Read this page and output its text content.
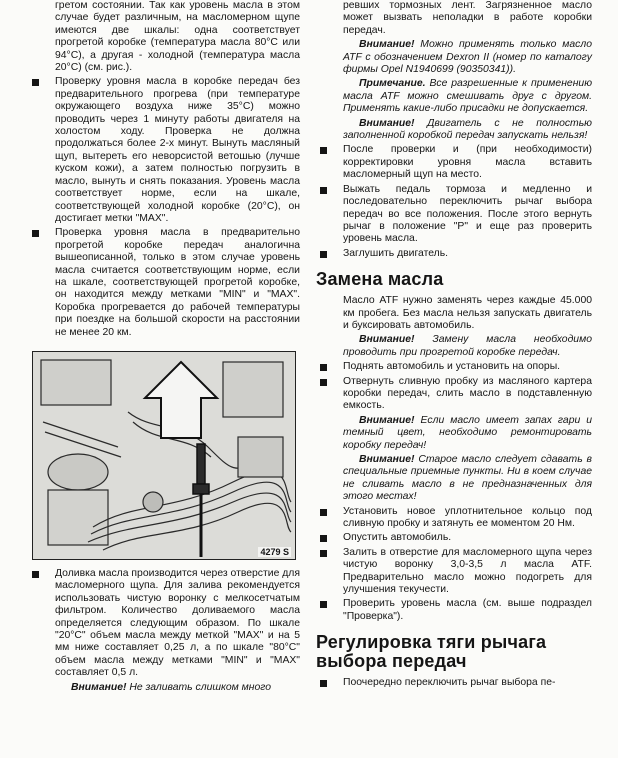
гретом состоянии. Так как уровень масла в этом случае будет различным, на масломерном щупе имеются две шкалы: одна соответствует прогретой коробке (температура масла 80°С или 94°С), а другая - холодной (температура масла 20°С) (см. рис.).

Проверку уровня масла в коробке передач без предварительного прогрева (при температуре окружающего воздуха ниже 35°С) можно проводить через 1 минуту работы двигателя на холостом ходу. Проверка не должна продолжаться более 2-х минут. Вынуть масляный щуп, вытереть его неворсистой ветошью (лучше куском кожи), а затем полностью погрузить в масло, вынуть и снять показания. Уровень масла соответствует норме, если на шкале, соответствующей холодной коробке (20°С), он достигает метки "МАХ".

Проверка уровня масла в предварительно прогретой коробке передач аналогична вышеописанной, только в этом случае уровень масла считается соответствующим норме, если на шкале, соответствующей прогретой коробке, он находится между метками "MIN" и "МАХ". Коробка прогревается до рабочей температуры при поездке на большой скорости на расстоянии не менее 20 км.

4279 S

Доливка масла производится через отверстие для масломерного щупа. Для залива рекомендуется использовать чистую воронку с мелкосетчатым фильтром. Количество доливаемого масла определяется следующим образом. По шкале "20°С" объем масла между меткой "МАХ" и на 5 мм ниже составляет 0,25 л, а по шкале "80°С" объем масла между метками "MIN" и "МАХ" составляет 0,5 л.

Внимание! Не заливать слишком много

ревших тормозных лент. Загрязненное масло может вызвать неполадки в работе коробки передач.

Внимание! Можно применять только масло ATF с обозначением Dexron II (номер по каталогу фирмы Opel N1940699 (90350341)).

Примечание. Все разрешенные к применению масла ATF можно смешивать друг с другом. Применять какие-либо присадки не допускается.

Внимание! Двигатель с не полностью заполненной коробкой передач запускать нельзя!

После проверки и (при необходимости) корректировки уровня масла вставить масломерный щуп на место.

Выжать педаль тормоза и медленно и последовательно переключить рычаг выбора передач во все положения. После этого вернуть рычаг в положение "Р" и еще раз проверить уровень масла.

Заглушить двигатель.

Замена масла

Масло ATF нужно заменять через каждые 45.000 км пробега. Без масла нельзя запускать двигатель и буксировать автомобиль.

Внимание! Замену масла необходимо проводить при прогретой коробке передач.

Поднять автомобиль и установить на опоры.

Отвернуть сливную пробку из масляного картера коробки передач, слить масло в подставленную емкость.

Внимание! Если масло имеет запах гари и темный цвет, необходимо ремонтировать коробку передач!

Внимание! Старое масло следует сдавать в специальные приемные пункты. Ни в коем случае не сливать масло в не предназначенных для этого местах!

Установить новое уплотнительное кольцо под сливную пробку и затянуть ее моментом 20 Нм.

Опустить автомобиль.

Залить в отверстие для масломерного щупа через чистую воронку 3,0-3,5 л масла ATF. Предварительно масло можно подогреть для улучшения текучести.

Проверить уровень масла (см. выше подраздел "Проверка").

Регулировка тяги рычага выбора передач

Поочередно переключить рычаг выбора пе-
